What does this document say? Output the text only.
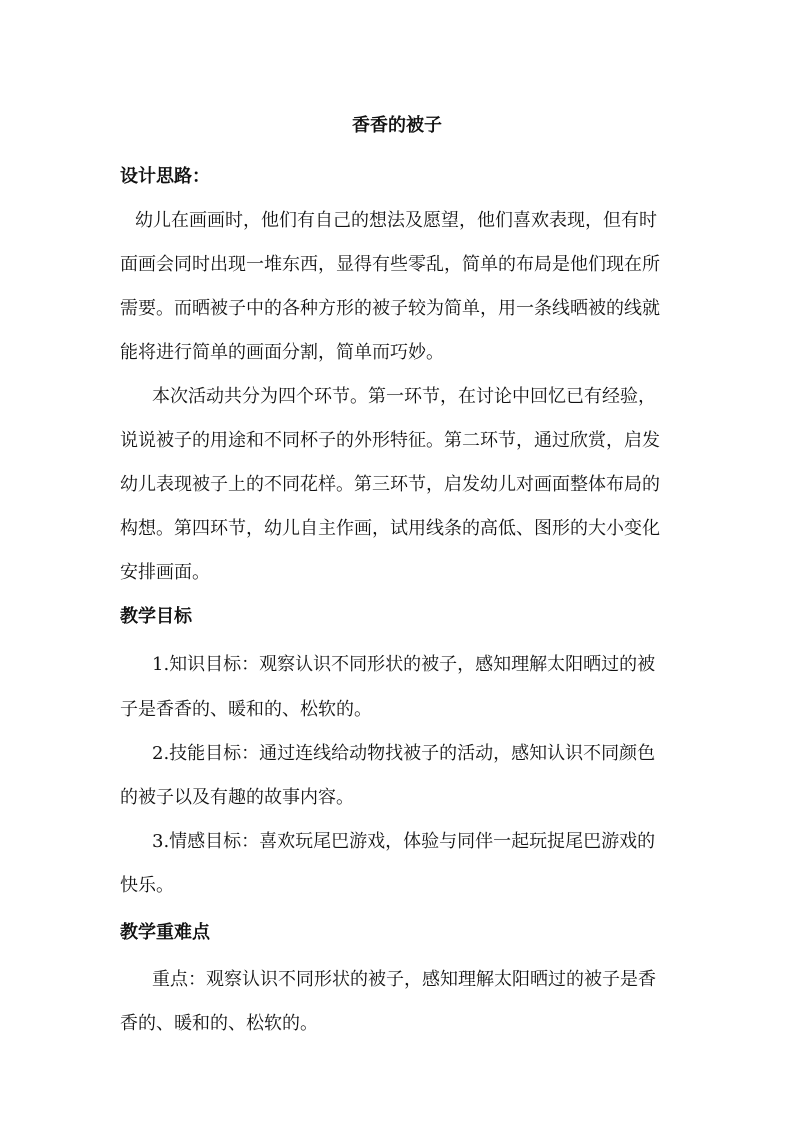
香香的被子
设计思路：
幼儿在画画时，他们有自己的想法及愿望，他们喜欢表现，但有时
面画会同时出现一堆东西，显得有些零乱，简单的布局是他们现在所
需要。而晒被子中的各种方形的被子较为简单，用一条线晒被的线就
能将进行简单的画面分割，简单而巧妙。
本次活动共分为四个环节。第一环节，在讨论中回忆已有经验，
说说被子的用途和不同杯子的外形特征。第二环节，通过欣赏，启发
幼儿表现被子上的不同花样。第三环节，启发幼儿对画面整体布局的
构想。第四环节，幼儿自主作画，试用线条的高低、图形的大小变化
安排画面。
教学目标
1.知识目标：观察认识不同形状的被子，感知理解太阳晒过的被
子是香香的、暖和的、松软的。
2.技能目标：通过连线给动物找被子的活动，感知认识不同颜色
的被子以及有趣的故事内容。
3.情感目标：喜欢玩尾巴游戏，体验与同伴一起玩捉尾巴游戏的
快乐。
教学重难点
重点：观察认识不同形状的被子，感知理解太阳晒过的被子是香
香的、暖和的、松软的。
